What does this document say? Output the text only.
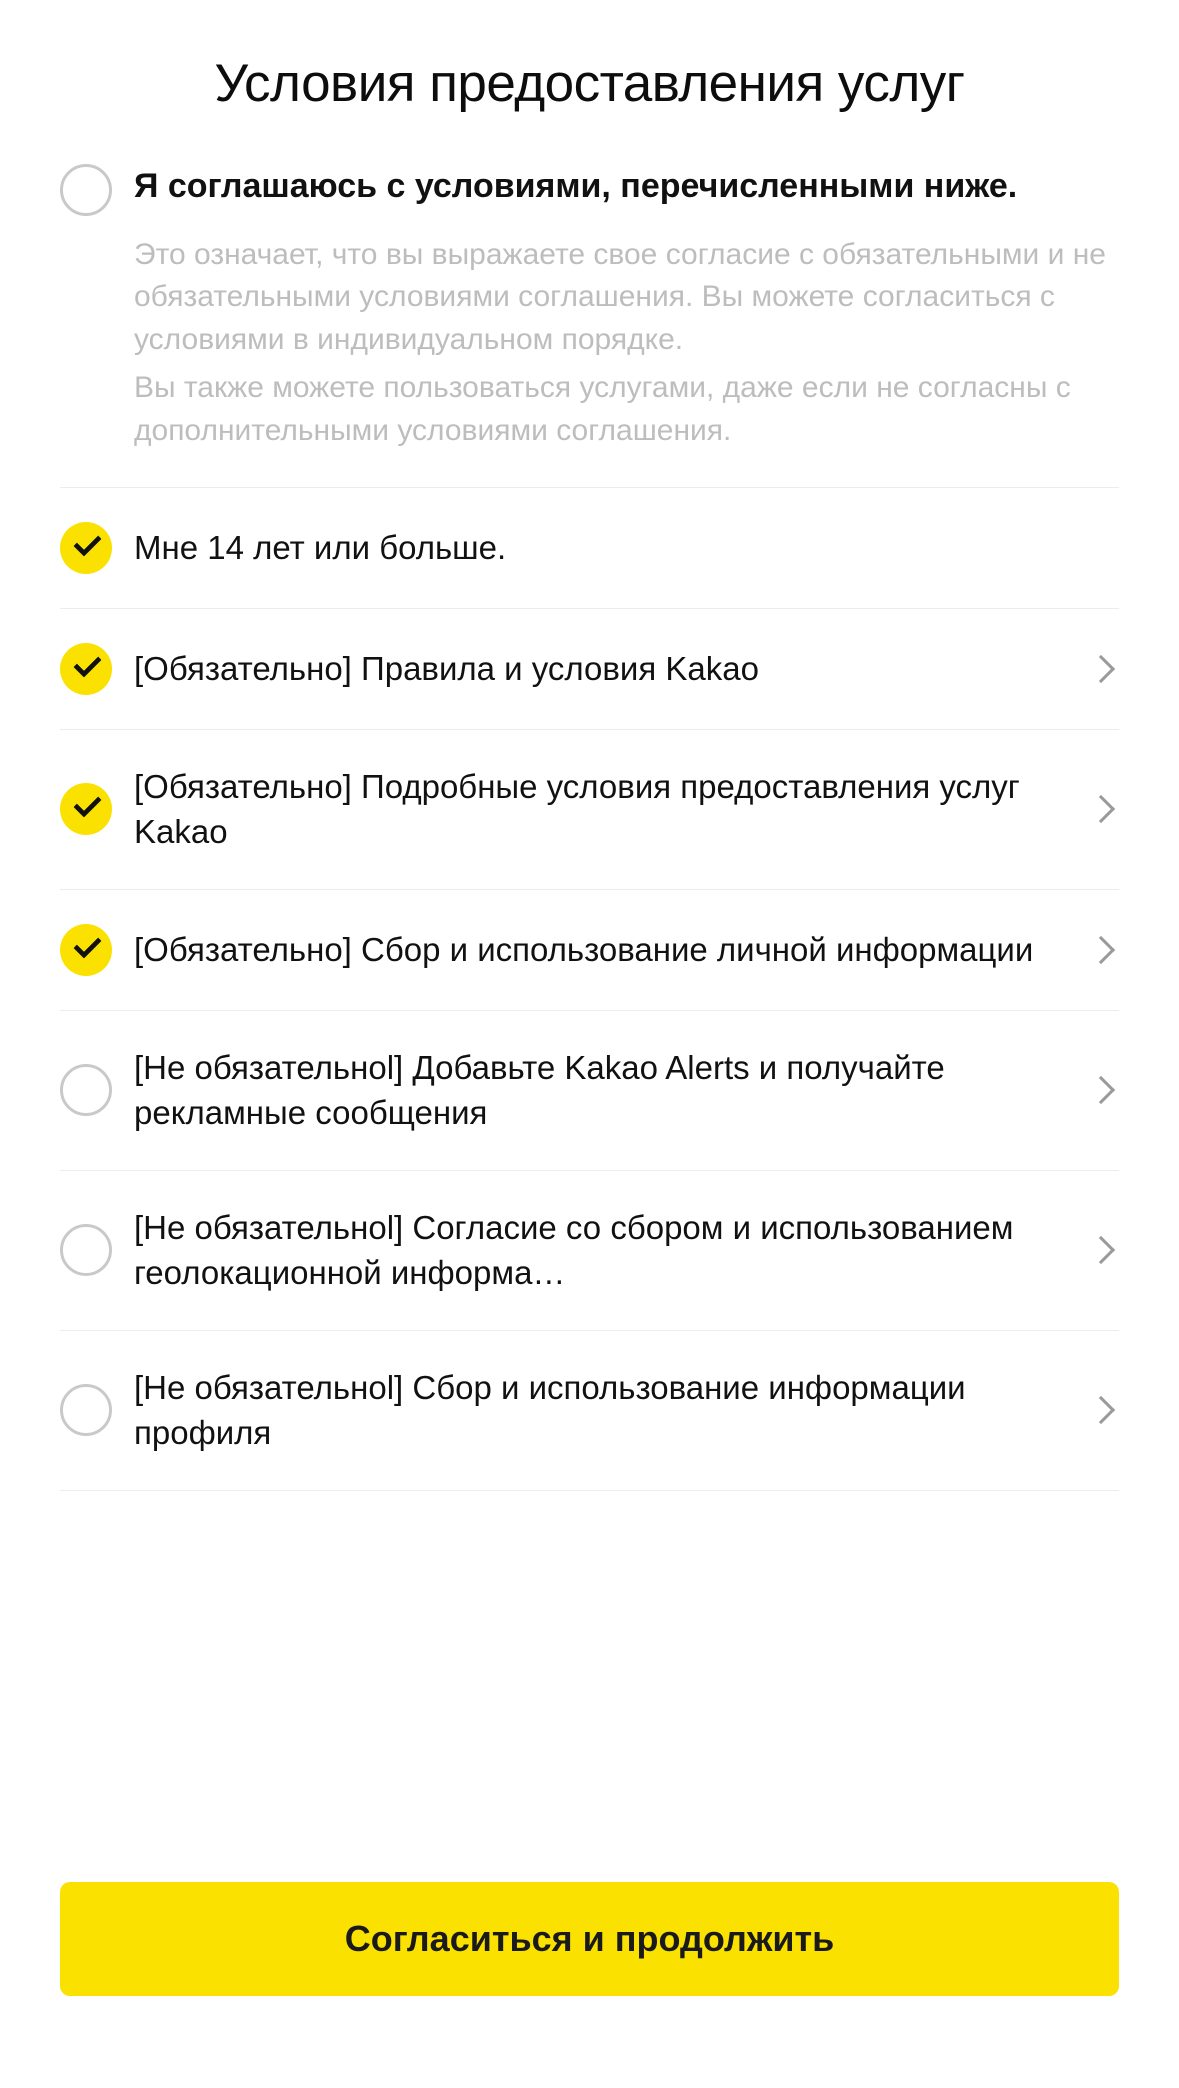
Условия предоставления услуг
Я соглашаюсь с условиями, перечисленными ниже.

Это означает, что вы выражаете свое согласие с обязательными и не обязательными условиями соглашения. Вы можете согласиться с условиями в индивидуальном порядке.

Вы также можете пользоваться услугами, даже если не согласны с дополнительными условиями соглашения.

Мне 14 лет или больше.
[Обязательно] Правила и условия Kakao
[Обязательно] Подробные условия предоставления услуг Kakao
[Обязательно] Сбор и использование личной информации
[Не обязательноl] Добавьте Kakao Alerts и получайте рекламные сообщения
[Не обязательноl] Согласие со сбором и использованием геолокационной информа…
[Не обязательноl] Сбор и использование информации профиля
Согласиться и продолжить
